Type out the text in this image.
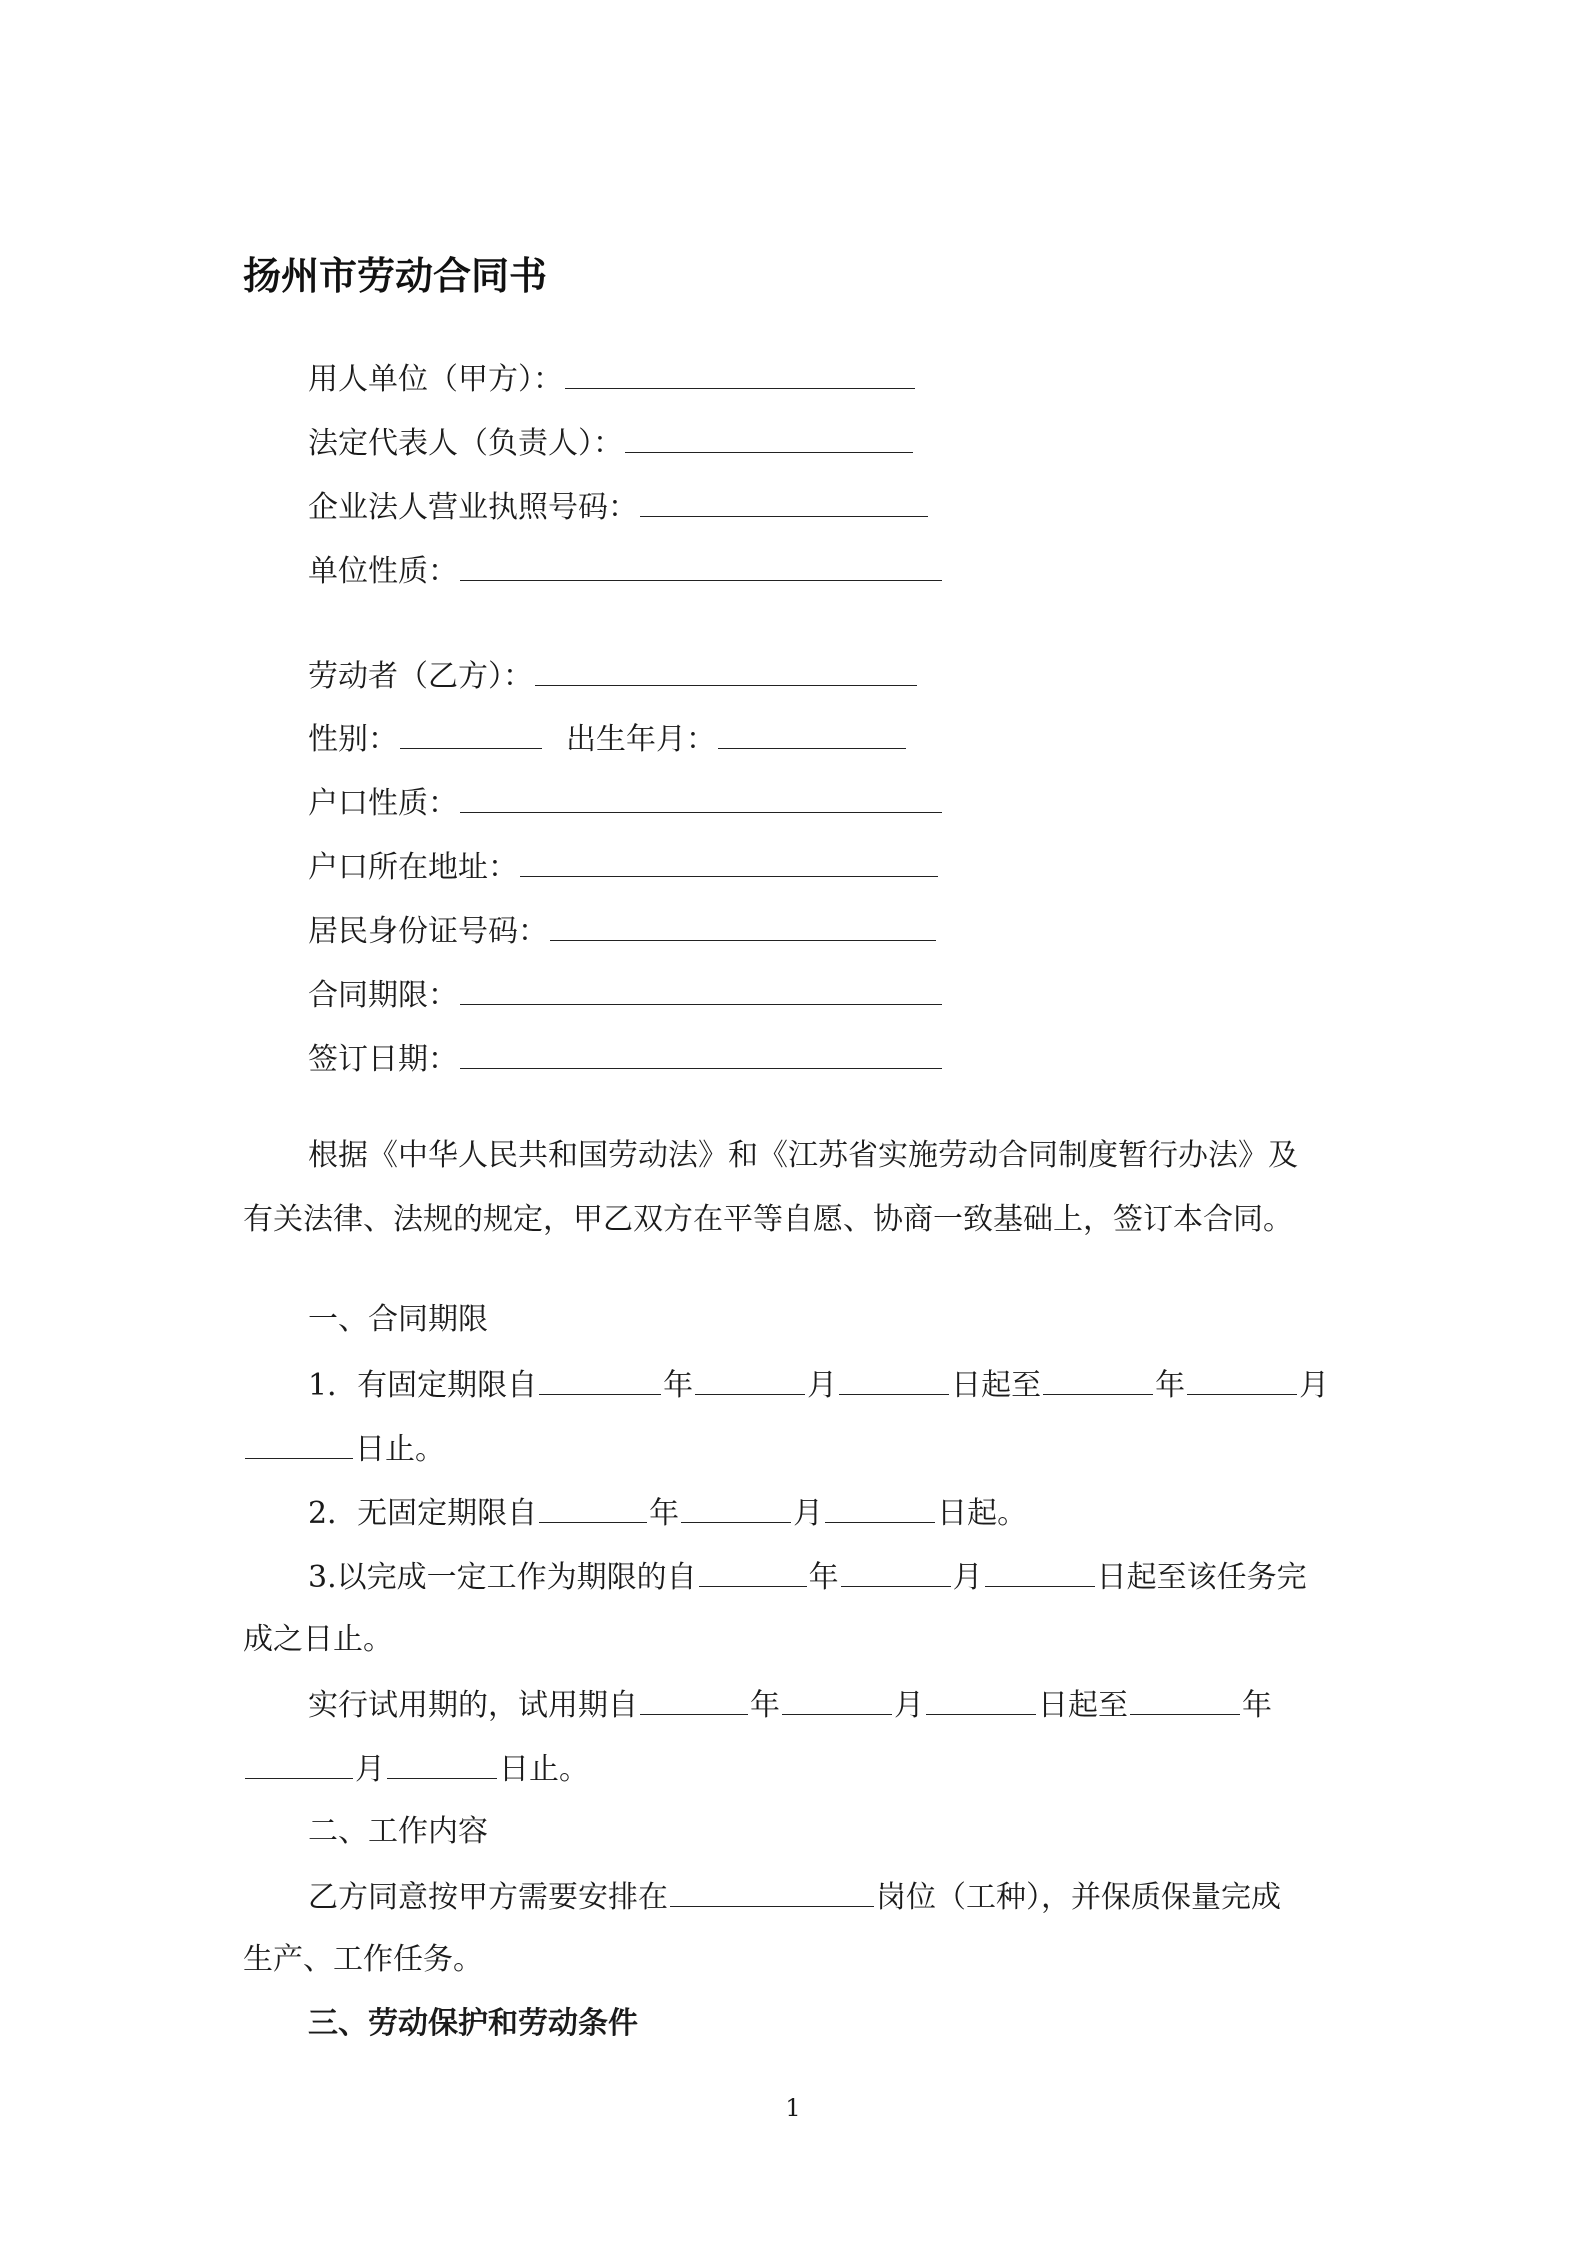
扬州市劳动合同书
用人单位（甲方）：
法定代表人（负责人）：
企业法人营业执照号码：
单位性质：
劳动者（乙方）：
性别：	出生年月：
户口性质：
户口所在地址：
居民身份证号码：
合同期限：
签订日期：
根据《中华人民共和国劳动法》和《江苏省实施劳动合同制度暂行办法》及
有关法律、法规的规定，甲乙双方在平等自愿、协商一致基础上，签订本合同。
一、合同期限
1．有固定期限自	年	月	日起至	年	月
日止。
2．无固定期限自	年	月	日起。
3.以完成一定工作为期限的自	年	月	日起至该任务完
成之日止。
实行试用期的，试用期自	年	月	日起至	年
月	日止。
二、工作内容
乙方同意按甲方需要安排在	岗位（工种），并保质保量完成
生产、工作任务。
三、劳动保护和劳动条件
1
